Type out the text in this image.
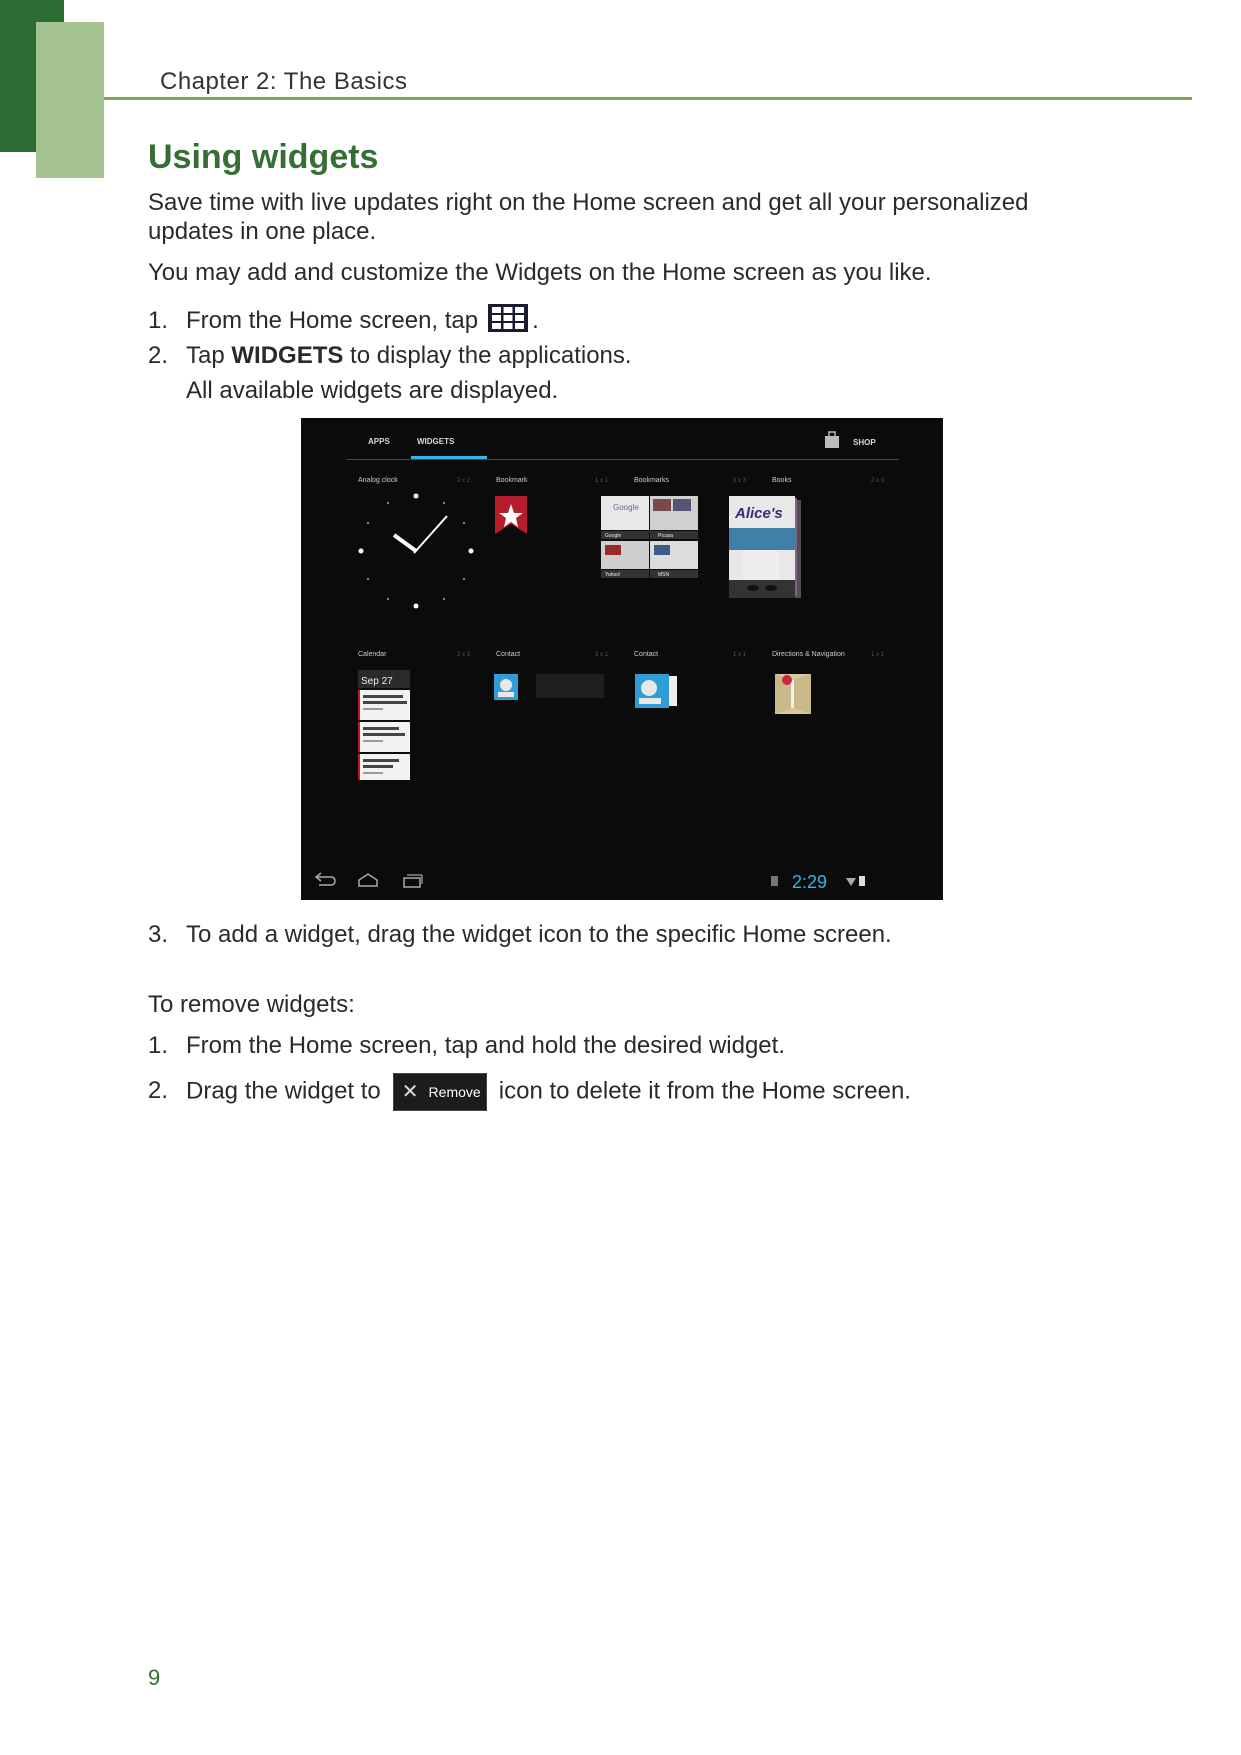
Chapter 2: The Basics
Using widgets
Save time with live updates right on the Home screen and get all your personalized
updates in one place.
You may add and customize the Widgets on the Home screen as you like.
1. From the Home screen, tap .
2. Tap WIDGETS to display the applications.
All available widgets are displayed.
APPS	WIDGETS	SHOP
Analog clock	2 x 2	Bookmark	1 x 1	Bookmarks	3 x 3	Books	2 x 3
Google
Google	Picasa
Yahoo!	MSN
Alice's
Calendar	2 x 3	Contact	3 x 1	Contact	1 x 1	Directions & Navigation	1 x 1
Sep 27
2:29
3. To add a widget, drag the widget icon to the specific Home screen.
To remove widgets:
1. From the Home screen, tap and hold the desired widget.
2. Drag the widget to ✕ Remove icon to delete it from the Home screen.
9
